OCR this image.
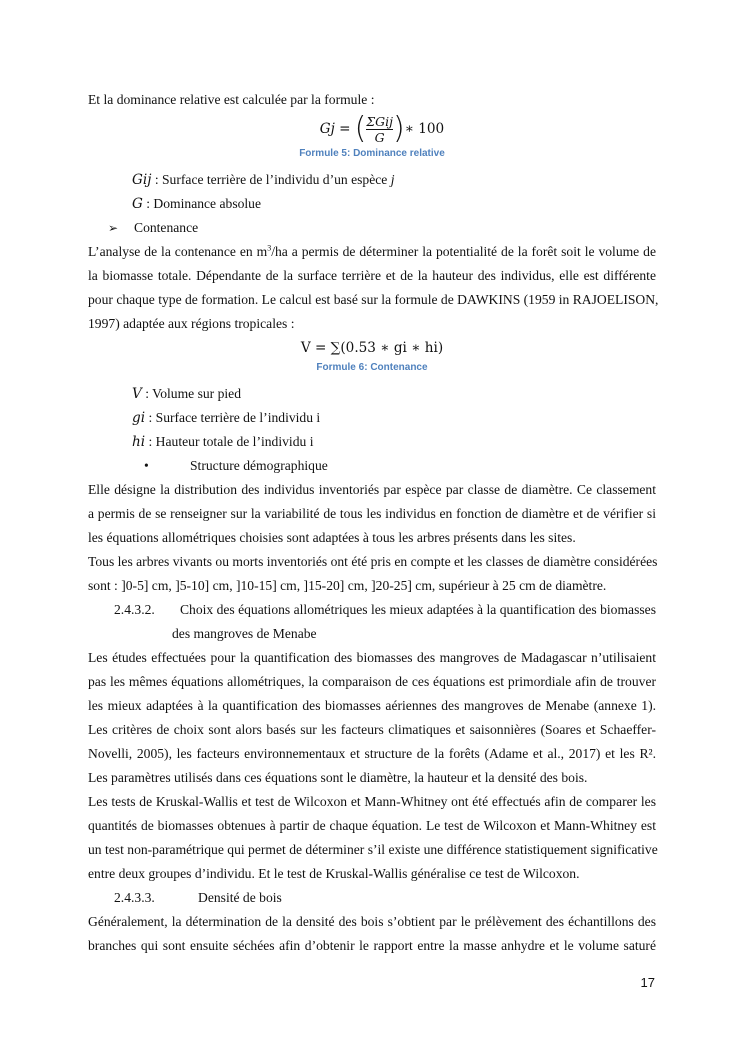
Et la dominance relative est calculée par la formule :

Gj = ( $\frac{\text{ΣGij}}{G}$ ) ∗ 100
Formule 5: Dominance relative
Gij : Surface terrière de l’individu d’un espèce j
G : Dominance absolue
➢	Contenance
L’analyse de la contenance en $m^3/ha$ a permis de déterminer la potentialité de la forêt soit le volume de
la biomasse totale. Dépendante de la surface terrière et de la hauteur des individus, elle est différente
pour chaque type de formation. Le calcul est basé sur la formule de DAWKINS (1959 in RAJOELISON,
1997) adaptée aux régions tropicales :
V = ∑(0.53 ∗ gi ∗ hi)
Formule 6: Contenance
V : Volume sur pied
gi : Surface terrière de l’individu i
hi : Hauteur totale de l’individu i
•	Structure démographique
Elle désigne la distribution des individus inventoriés par espèce par classe de diamètre. Ce classement
a permis de se renseigner sur la variabilité de tous les individus en fonction de diamètre et de vérifier si
les équations allométriques choisies sont adaptées à tous les arbres présents dans les sites.
Tous les arbres vivants ou morts inventoriés ont été pris en compte et les classes de diamètre considérées
sont : ]0-5] cm, ]5-10] cm, ]10-15] cm, ]15-20] cm, ]20-25] cm, supérieur à 25 cm de diamètre.
2.4.3.2.	Choix des équations allométriques les mieux adaptées à la quantification des biomasses
des mangroves de Menabe
Les études effectuées pour la quantification des biomasses des mangroves de Madagascar n’utilisaient
pas les mêmes équations allométriques, la comparaison de ces équations est primordiale afin de trouver
les mieux adaptées à la quantification des biomasses aériennes des mangroves de Menabe (annexe 1).
Les critères de choix sont alors basés sur les facteurs climatiques et saisonnières (Soares et Schaeffer-
Novelli, 2005), les facteurs environnementaux et structure de la forêts (Adame et al., 2017) et les R².
Les paramètres utilisés dans ces équations sont le diamètre, la hauteur et la densité des bois.
Les tests de Kruskal-Wallis et test de Wilcoxon et Mann-Whitney ont été effectués afin de comparer les
quantités de biomasses obtenues à partir de chaque équation. Le test de Wilcoxon et Mann-Whitney est
un test non-paramétrique qui permet de déterminer s’il existe une différence statistiquement significative
entre deux groupes d’individu. Et le test de Kruskal-Wallis généralise ce test de Wilcoxon.
2.4.3.3.	Densité de bois
Généralement, la détermination de la densité des bois s’obtient par le prélèvement des échantillons des
branches qui sont ensuite séchées afin d’obtenir le rapport entre la masse anhydre et le volume saturé
17
